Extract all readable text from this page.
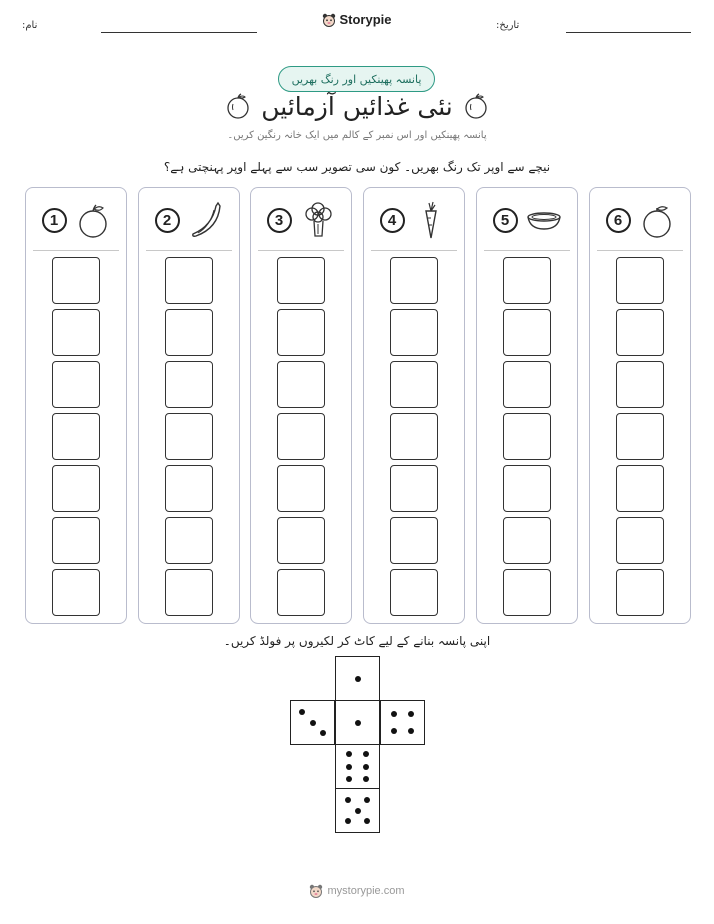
تاریخ:
نام:	Storypie
پانسہ پھینکیں اور رنگ بھریں
نئی غذائیں آزمائیں
پانسہ پھینکیں اور اس نمبر کے کالم میں ایک خانہ رنگین کریں۔
نیچے سے اوپر تک رنگ بھریں۔ کون سی تصویر سب سے پہلے اوپر پہنچتی ہے؟
1	2	3	4	5	6
اپنی پانسہ بنانے کے لیے کاٹ کر لکیروں پر فولڈ کریں۔
mystorypie.com
